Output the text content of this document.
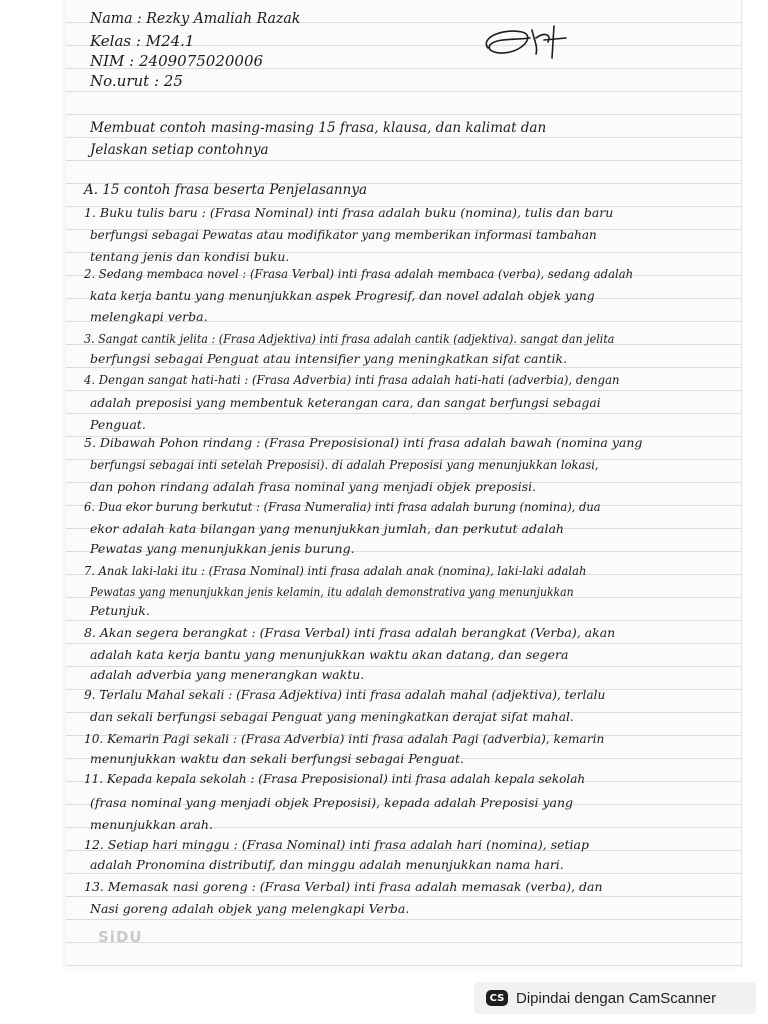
Nama : Rezky Amaliah Razak

Kelas : M24.1

NIM : 2409075020006

No.urut : 25

Membuat contoh masing-masing 15 frasa, klausa, dan kalimat dan

Jelaskan setiap contohnya

A. 15 contoh frasa beserta Penjelasannya

1. Buku tulis baru : (Frasa Nominal) inti frasa adalah buku (nomina), tulis dan baru

berfungsi sebagai Pewatas atau modifikator yang memberikan informasi tambahan

tentang jenis dan kondisi buku.

2. Sedang membaca novel : (Frasa Verbal) inti frasa adalah membaca (verba), sedang adalah

kata kerja bantu yang menunjukkan aspek Progresif, dan novel adalah objek yang

melengkapi verba.

3. Sangat cantik jelita : (Frasa Adjektiva) inti frasa adalah cantik (adjektiva). sangat dan jelita

berfungsi sebagai Penguat atau intensifier yang meningkatkan sifat cantik.

4. Dengan sangat hati-hati : (Frasa Adverbia) inti frasa adalah hati-hati (adverbia), dengan

adalah preposisi yang membentuk keterangan cara, dan sangat berfungsi sebagai

Penguat.

5. Dibawah Pohon rindang : (Frasa Preposisional) inti frasa adalah bawah (nomina yang

berfungsi sebagai inti setelah Preposisi). di adalah Preposisi yang menunjukkan lokasi,

dan pohon rindang adalah frasa nominal yang menjadi objek preposisi.

6. Dua ekor burung berkutut : (Frasa Numeralia) inti frasa adalah burung (nomina), dua

ekor adalah kata bilangan yang menunjukkan jumlah, dan perkutut adalah

Pewatas yang menunjukkan jenis burung.

7. Anak laki-laki itu : (Frasa Nominal) inti frasa adalah anak (nomina), laki-laki adalah

Pewatas yang menunjukkan jenis kelamin, itu adalah demonstrativa yang menunjukkan

Petunjuk.

8. Akan segera berangkat : (Frasa Verbal) inti frasa adalah berangkat (Verba), akan

adalah kata kerja bantu yang menunjukkan waktu akan datang, dan segera

adalah adverbia yang menerangkan waktu.

9. Terlalu Mahal sekali : (Frasa Adjektiva) inti frasa adalah mahal (adjektiva), terlalu

dan sekali berfungsi sebagai Penguat yang meningkatkan derajat sifat mahal.

10. Kemarin Pagi sekali : (Frasa Adverbia) inti frasa adalah Pagi (adverbia), kemarin

menunjukkan waktu dan sekali berfungsi sebagai Penguat.

11. Kepada kepala sekolah : (Frasa Preposisional) inti frasa adalah kepala sekolah

(frasa nominal yang menjadi objek Preposisi), kepada adalah Preposisi yang

menunjukkan arah.

12. Setiap hari minggu : (Frasa Nominal) inti frasa adalah hari (nomina), setiap

adalah Pronomina distributif, dan minggu adalah menunjukkan nama hari.

13. Memasak nasi goreng : (Frasa Verbal) inti frasa adalah memasak (verba), dan

Nasi goreng adalah objek yang melengkapi Verba.

SiDU
CS Dipindai dengan CamScanner
